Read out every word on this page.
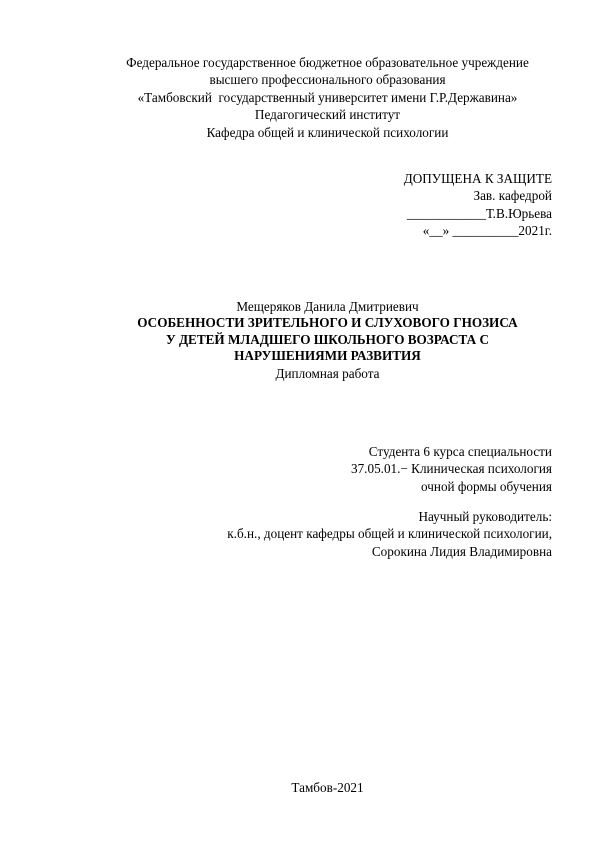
Федеральное государственное бюджетное образовательное учреждение
высшего профессионального образования
«Тамбовский  государственный университет имени Г.Р.Державина»
Педагогический институт
Кафедра общей и клинической психологии
ДОПУЩЕНА К ЗАЩИТЕ
Зав. кафедрой
____________Т.В.Юрьева
«__» __________2021г.
Мещеряков Данила Дмитриевич
ОСОБЕННОСТИ ЗРИТЕЛЬНОГО И СЛУХОВОГО ГНОЗИСА
У ДЕТЕЙ МЛАДШЕГО ШКОЛЬНОГО ВОЗРАСТА С
НАРУШЕНИЯМИ РАЗВИТИЯ
Дипломная работа
Студента 6 курса специальности
37.05.01.− Клиническая психология
очной формы обучения
Научный руководитель:
к.б.н., доцент кафедры общей и клинической психологии,
Сорокина Лидия Владимировна
Тамбов-2021
